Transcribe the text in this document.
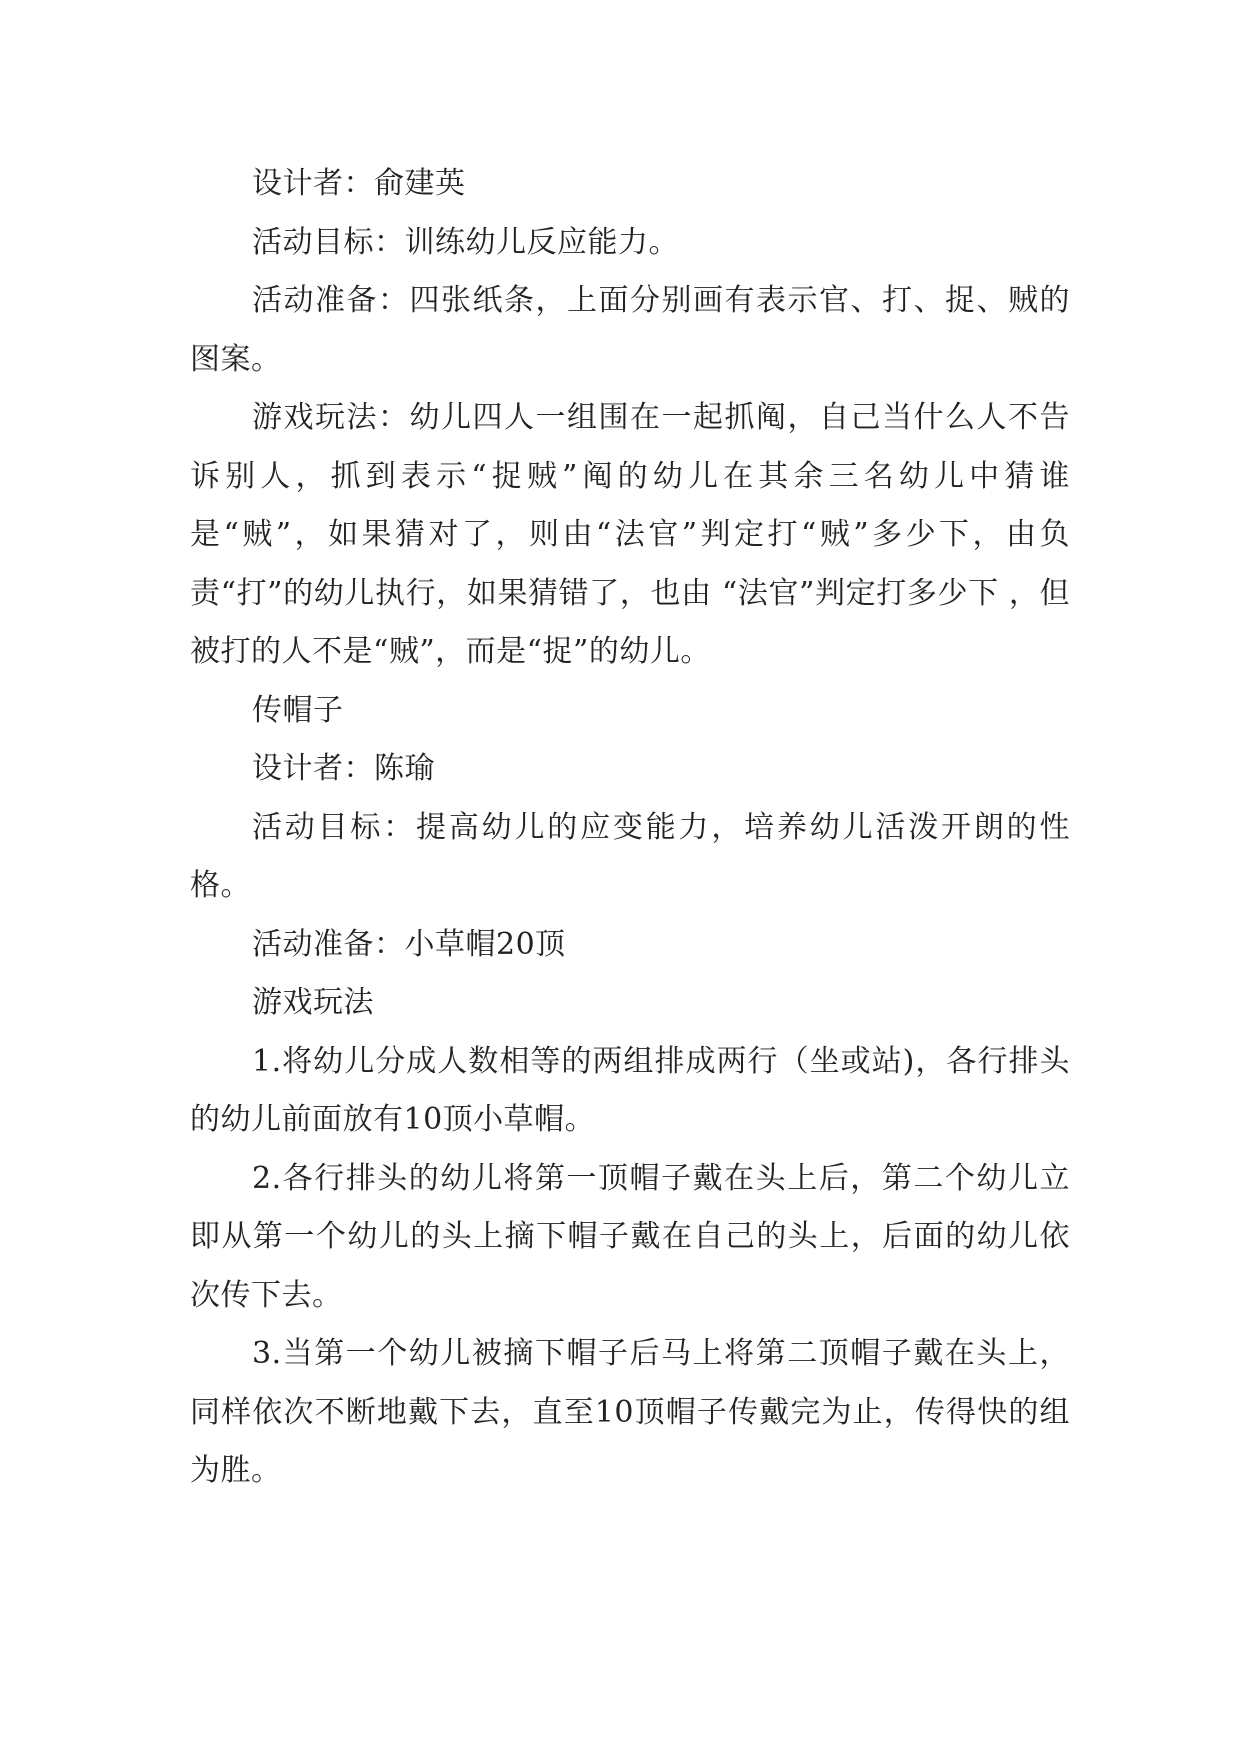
设计者：俞建英

活动目标：训练幼儿反应能力。

活动准备：四张纸条，上面分别画有表示官、打、捉、贼的图案。

游戏玩法：幼儿四人一组围在一起抓阄，自己当什么人不告诉别人，抓到表示“捉贼”阄的幼儿在其余三名幼儿中猜谁是“贼”，如果猜对了，则由“法官”判定打“贼”多少下，由负责“打”的幼儿执行，如果猜错了，也由 “法官”判定打多少下 ，但被打的人不是“贼”，而是“捉”的幼儿。

传帽子

设计者：陈瑜

活动目标：提高幼儿的应变能力，培养幼儿活泼开朗的性格。

活动准备：小草帽20顶

游戏玩法

1.将幼儿分成人数相等的两组排成两行（坐或站)，各行排头的幼儿前面放有10顶小草帽。

2.各行排头的幼儿将第一顶帽子戴在头上后，第二个幼儿立即从第一个幼儿的头上摘下帽子戴在自己的头上，后面的幼儿依次传下去。

3.当第一个幼儿被摘下帽子后马上将第二顶帽子戴在头上，同样依次不断地戴下去，直至10顶帽子传戴完为止，传得快的组为胜。
